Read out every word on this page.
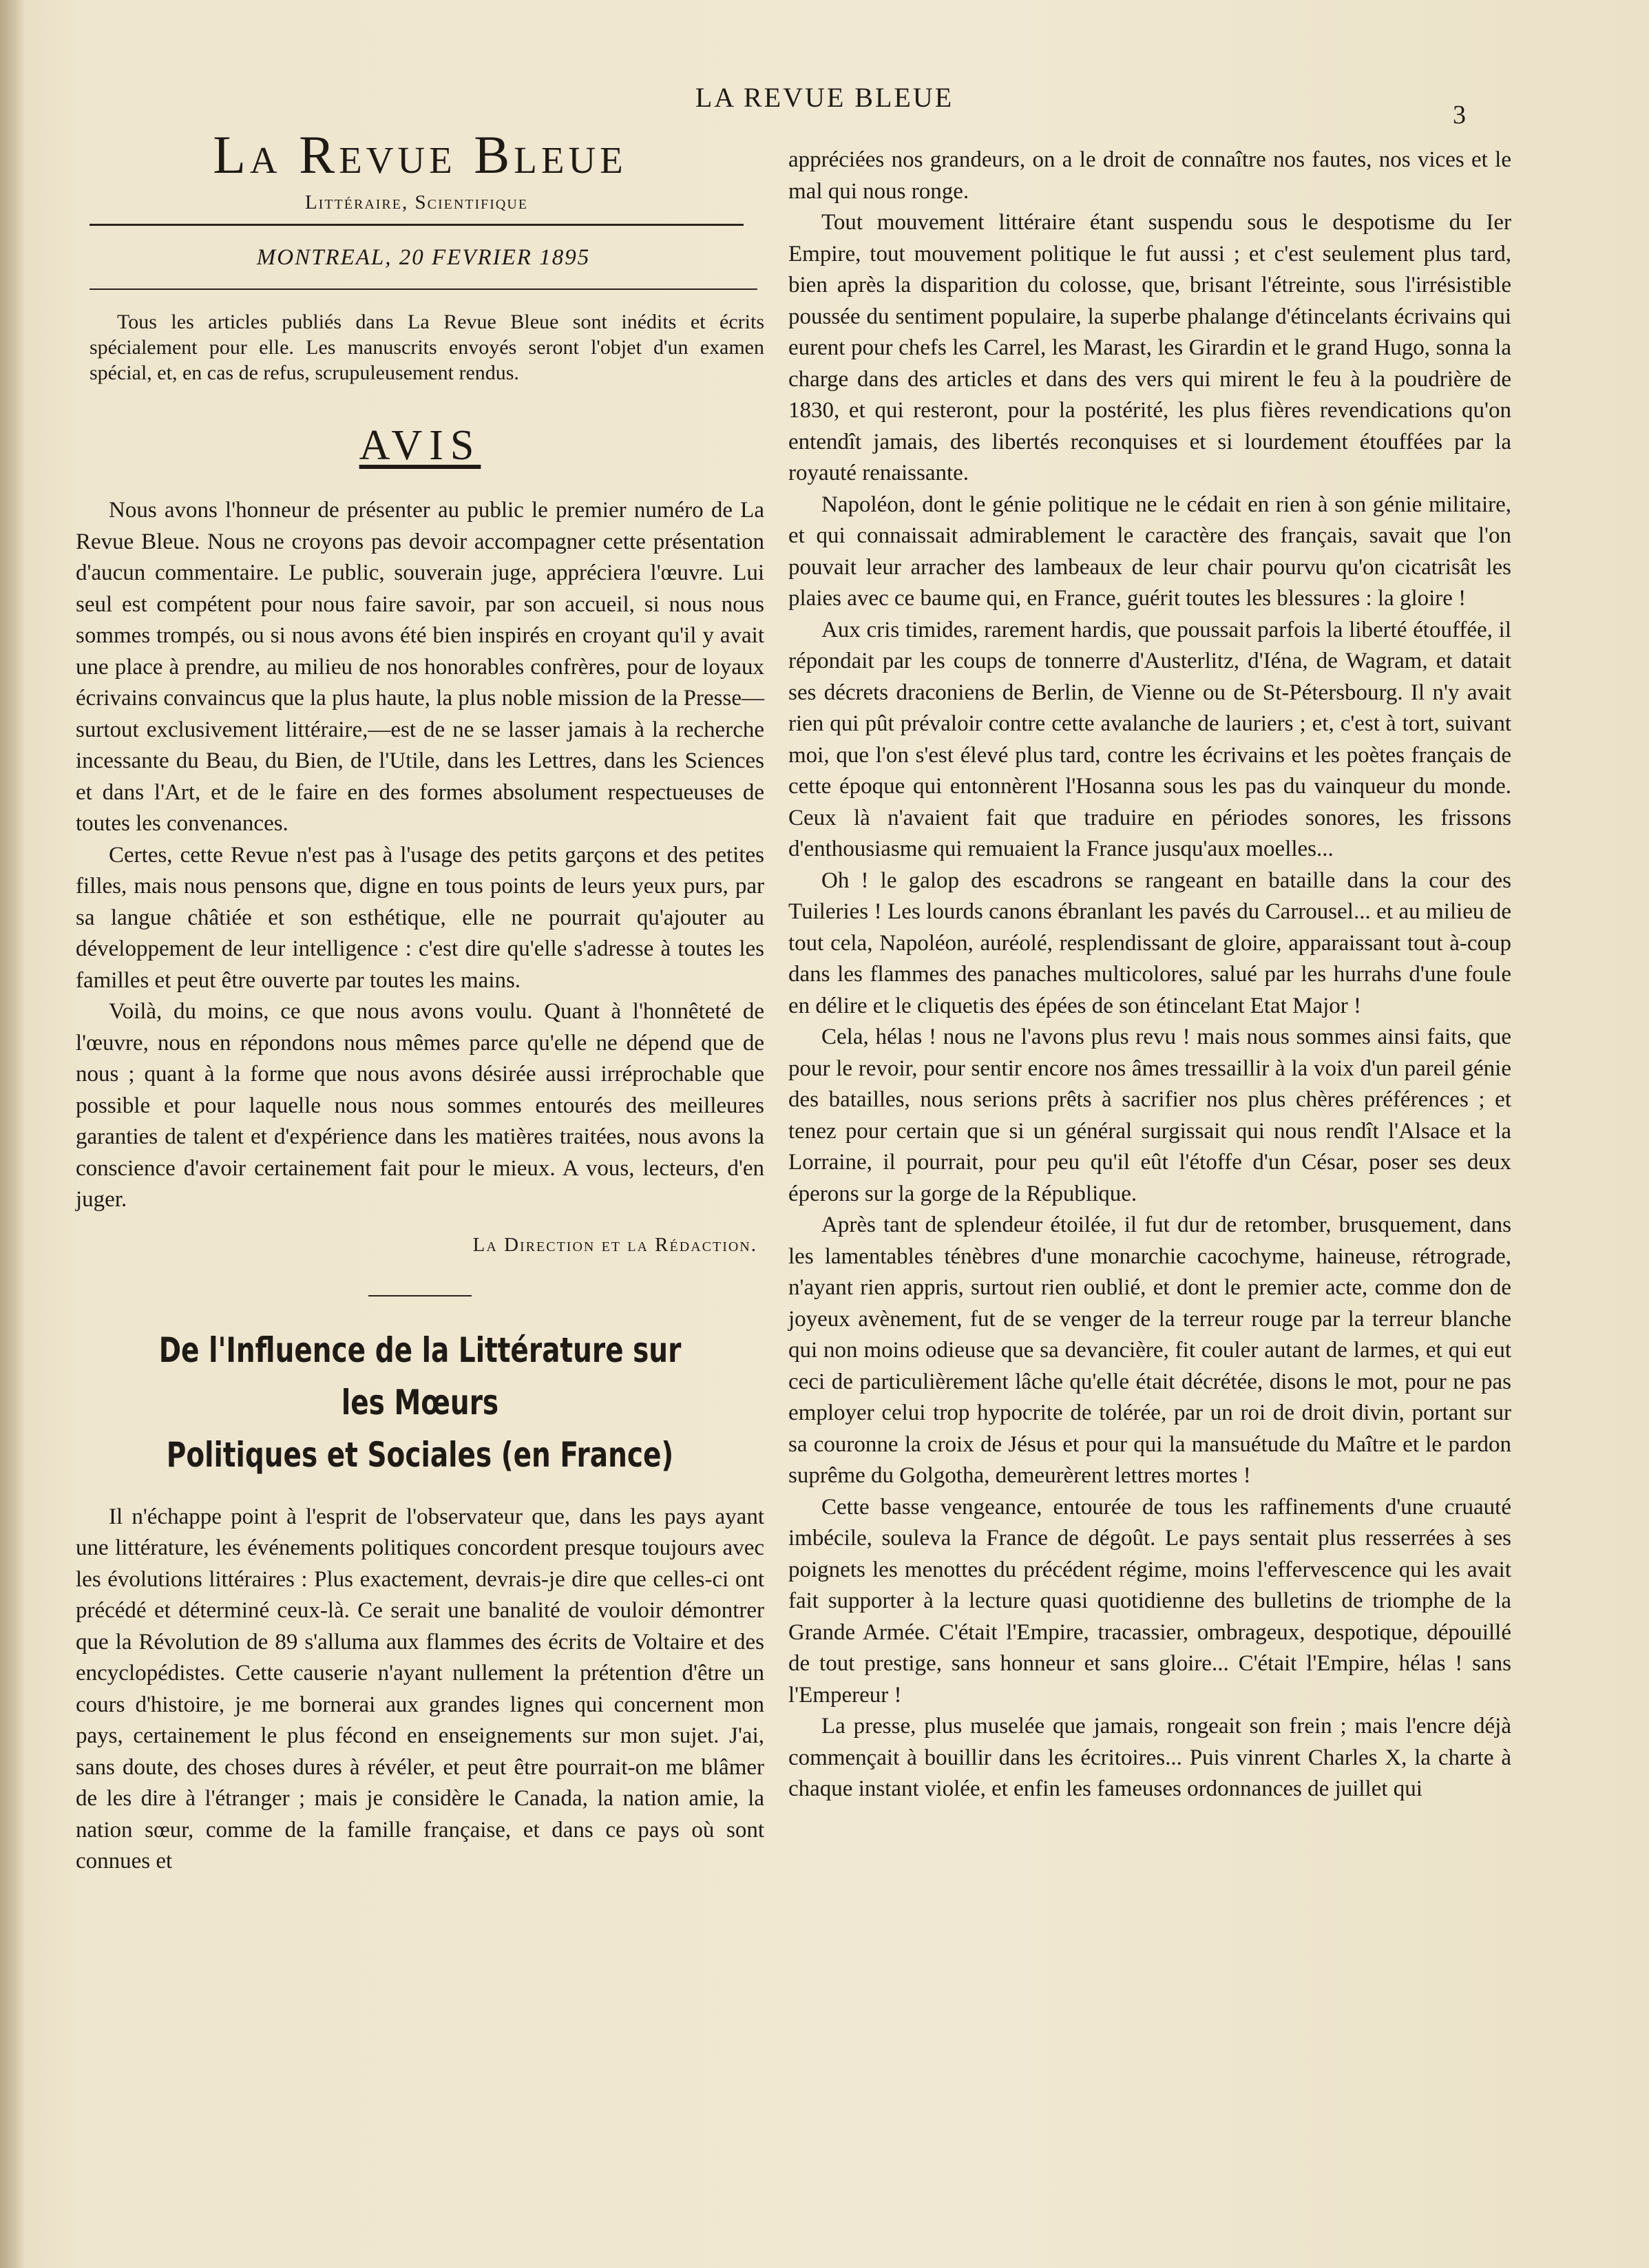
LA REVUE BLEUE
3
La Revue Bleue
Littéraire, Scientifique
MONTREAL, 20 FEVRIER 1895

Tous les articles publiés dans La Revue Bleue sont inédits et écrits spécialement pour elle. Les manuscrits envoyés seront l'objet d'un examen spécial, et, en cas de refus, scrupuleusement rendus.

AVIS

Nous avons l'honneur de présenter au public le premier numéro de La Revue Bleue. Nous ne croyons pas devoir accompagner cette présentation d'aucun commentaire. Le public, souverain juge, appréciera l'œuvre. Lui seul est compétent pour nous faire savoir, par son accueil, si nous nous sommes trompés, ou si nous avons été bien inspirés en croyant qu'il y avait une place à prendre, au milieu de nos honorables confrères, pour de loyaux écrivains convaincus que la plus haute, la plus noble mission de la Presse—surtout exclusivement littéraire,—est de ne se lasser jamais à la recherche incessante du Beau, du Bien, de l'Utile, dans les Lettres, dans les Sciences et dans l'Art, et de le faire en des formes absolument respectueuses de toutes les convenances.

Certes, cette Revue n'est pas à l'usage des petits garçons et des petites filles, mais nous pensons que, digne en tous points de leurs yeux purs, par sa langue châtiée et son esthétique, elle ne pourrait qu'ajouter au développement de leur intelligence : c'est dire qu'elle s'adresse à toutes les familles et peut être ouverte par toutes les mains.

Voilà, du moins, ce que nous avons voulu. Quant à l'honnêteté de l'œuvre, nous en répondons nous mêmes parce qu'elle ne dépend que de nous ; quant à la forme que nous avons désirée aussi irréprochable que possible et pour laquelle nous nous sommes entourés des meilleures garanties de talent et d'expérience dans les matières traitées, nous avons la conscience d'avoir certainement fait pour le mieux. A vous, lecteurs, d'en juger.

La Direction et la Rédaction.
De l'Influence de la Littérature sur les Mœurs
Politiques et Sociales (en France)

Il n'échappe point à l'esprit de l'observateur que, dans les pays ayant une littérature, les événements politiques concordent presque toujours avec les évolutions littéraires : Plus exactement, devrais-je dire que celles-ci ont précédé et déterminé ceux-là. Ce serait une banalité de vouloir démontrer que la Révolution de 89 s'alluma aux flammes des écrits de Voltaire et des encyclopédistes. Cette causerie n'ayant nullement la prétention d'être un cours d'histoire, je me bornerai aux grandes lignes qui concernent mon pays, certainement le plus fécond en enseignements sur mon sujet. J'ai, sans doute, des choses dures à révéler, et peut être pourrait-on me blâmer de les dire à l'étranger ; mais je considère le Canada, la nation amie, la nation sœur, comme de la famille française, et dans ce pays où sont connues et

appréciées nos grandeurs, on a le droit de connaître nos fautes, nos vices et le mal qui nous ronge.

Tout mouvement littéraire étant suspendu sous le despotisme du Ier Empire, tout mouvement politique le fut aussi ; et c'est seulement plus tard, bien après la disparition du colosse, que, brisant l'étreinte, sous l'irrésistible poussée du sentiment populaire, la superbe phalange d'étincelants écrivains qui eurent pour chefs les Carrel, les Marast, les Girardin et le grand Hugo, sonna la charge dans des articles et dans des vers qui mirent le feu à la poudrière de 1830, et qui resteront, pour la postérité, les plus fières revendications qu'on entendît jamais, des libertés reconquises et si lourdement étouffées par la royauté renaissante.

Napoléon, dont le génie politique ne le cédait en rien à son génie militaire, et qui connaissait admirablement le caractère des français, savait que l'on pouvait leur arracher des lambeaux de leur chair pourvu qu'on cicatrisât les plaies avec ce baume qui, en France, guérit toutes les blessures : la gloire !

Aux cris timides, rarement hardis, que poussait parfois la liberté étouffée, il répondait par les coups de tonnerre d'Austerlitz, d'Iéna, de Wagram, et datait ses décrets draconiens de Berlin, de Vienne ou de St-Pétersbourg. Il n'y avait rien qui pût prévaloir contre cette avalanche de lauriers ; et, c'est à tort, suivant moi, que l'on s'est élevé plus tard, contre les écrivains et les poètes français de cette époque qui entonnèrent l'Hosanna sous les pas du vainqueur du monde. Ceux là n'avaient fait que traduire en périodes sonores, les frissons d'enthousiasme qui remuaient la France jusqu'aux moelles...

Oh ! le galop des escadrons se rangeant en bataille dans la cour des Tuileries ! Les lourds canons ébranlant les pavés du Carrousel... et au milieu de tout cela, Napoléon, auréolé, resplendissant de gloire, apparaissant tout à-coup dans les flammes des panaches multicolores, salué par les hurrahs d'une foule en délire et le cliquetis des épées de son étincelant Etat Major !

Cela, hélas ! nous ne l'avons plus revu ! mais nous sommes ainsi faits, que pour le revoir, pour sentir encore nos âmes tressaillir à la voix d'un pareil génie des batailles, nous serions prêts à sacrifier nos plus chères préférences ; et tenez pour certain que si un général surgissait qui nous rendît l'Alsace et la Lorraine, il pourrait, pour peu qu'il eût l'étoffe d'un César, poser ses deux éperons sur la gorge de la République.

Après tant de splendeur étoilée, il fut dur de retomber, brusquement, dans les lamentables ténèbres d'une monarchie cacochyme, haineuse, rétrograde, n'ayant rien appris, surtout rien oublié, et dont le premier acte, comme don de joyeux avènement, fut de se venger de la terreur rouge par la terreur blanche qui non moins odieuse que sa devancière, fit couler autant de larmes, et qui eut ceci de particulièrement lâche qu'elle était décrétée, disons le mot, pour ne pas employer celui trop hypocrite de tolérée, par un roi de droit divin, portant sur sa couronne la croix de Jésus et pour qui la mansuétude du Maître et le pardon suprême du Golgotha, demeurèrent lettres mortes !

Cette basse vengeance, entourée de tous les raffinements d'une cruauté imbécile, souleva la France de dégoût. Le pays sentait plus resserrées à ses poignets les menottes du précédent régime, moins l'effervescence qui les avait fait supporter à la lecture quasi quotidienne des bulletins de triomphe de la Grande Armée. C'était l'Empire, tracassier, ombrageux, despotique, dépouillé de tout prestige, sans honneur et sans gloire... C'était l'Empire, hélas ! sans l'Empereur !

La presse, plus muselée que jamais, rongeait son frein ; mais l'encre déjà commençait à bouillir dans les écritoires... Puis vinrent Charles X, la charte à chaque instant violée, et enfin les fameuses ordonnances de juillet qui
